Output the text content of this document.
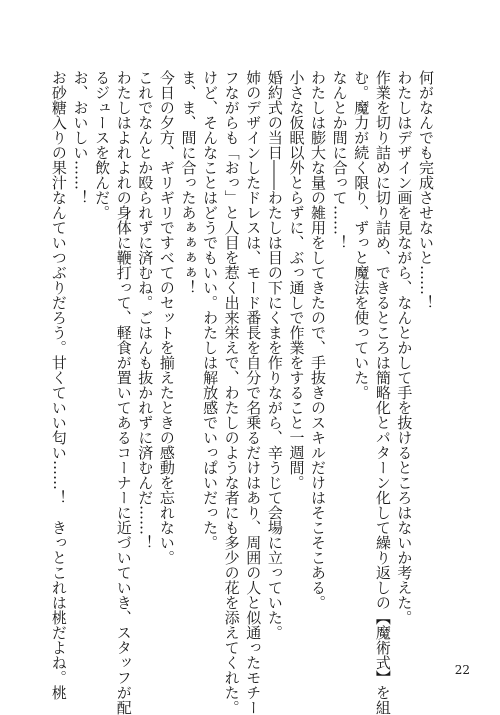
何がなんでも完成させないと……！
わたしはデザイン画を見ながら、なんとかして手を抜けるところはないか考えた。
作業を切り詰めに切り詰め、できるところは簡略化とパターン化して繰り返しの【魔術式】を組
む。魔力が続く限り、ずっと魔法を使っていた。
なんとか間に合って……！
わたしは膨大な量の雑用をしてきたので、手抜きのスキルだけはそこそこある。
小さな仮眠以外とらずに、ぶっ通しで作業をすること一週間。
婚約式の当日――わたしは目の下にくまを作りながら、辛うじて会場に立っていた。
姉のデザインしたドレスは、モード番長を自分で名乗るだけはあり、周囲の人と似通ったモチー
フながらも「おっ」と人目を惹く出来栄えで、わたしのような者にも多少の花を添えてくれた。
けど、そんなことはどうでもいい。わたしは解放感でいっぱいだった。
ま、ま、間に合ったあぁぁぁぁ！
今日の夕方、ギリギリですべてのセットを揃えたときの感動を忘れない。
これでなんとか殴られずに済むね。ごはんも抜かれずに済むんだ……！
わたしはよれよれの身体に鞭打って、軽食が置いてあるコーナーに近づいていき、スタッフが配
るジュースを飲んだ。
お、おいしい……！
お砂糖入りの果汁なんていつぶりだろう。甘くていい匂い……！　きっとこれは桃だよね。桃	22
